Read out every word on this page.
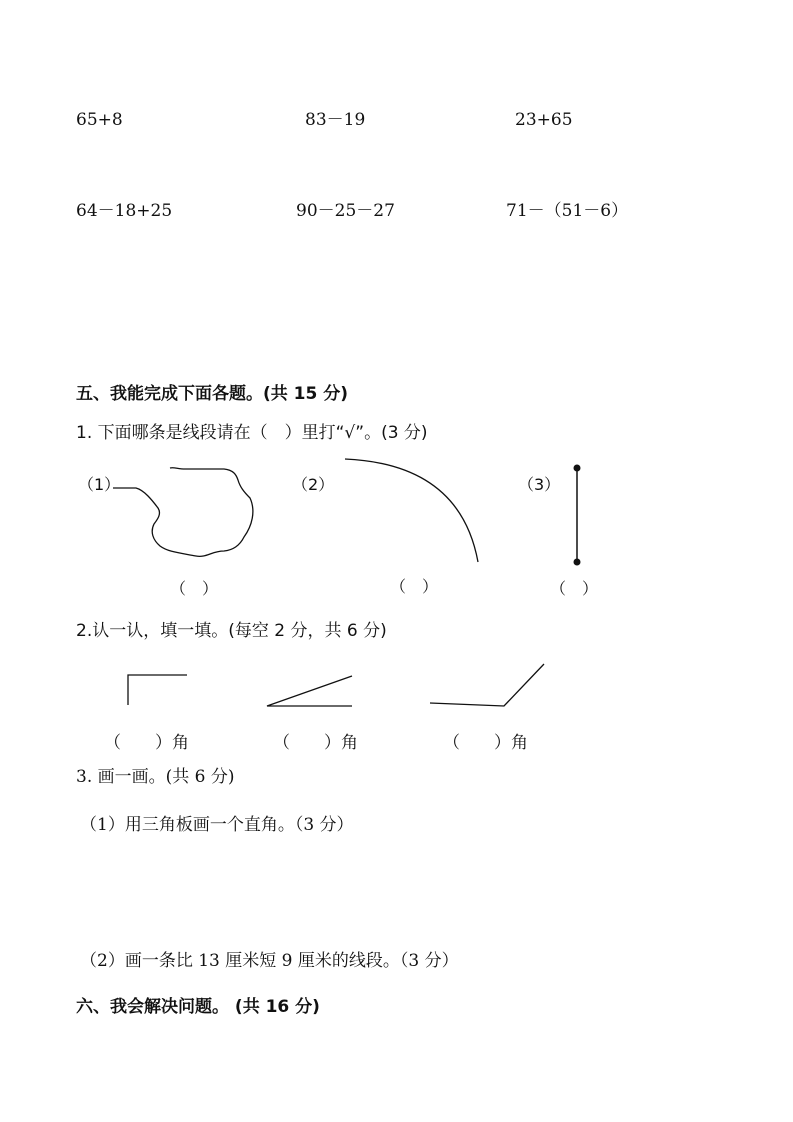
65+8	83－19	23+65
64－18+25	90－25－27	71－（51－6）
五、我能完成下面各题。(共 15 分)
1. 下面哪条是线段请在（　）里打“√”。(3 分)
（1）	（2）	（3）
（　）	（　）	（　）
2.认一认，填一填。(每空 2 分，共 6 分)
（　　）角	（　　）角	（　　）角
3. 画一画。(共 6 分)
（1）用三角板画一个直角。（3 分）
（2）画一条比 13 厘米短 9 厘米的线段。（3 分）
六、我会解决问题。 (共 16 分)
